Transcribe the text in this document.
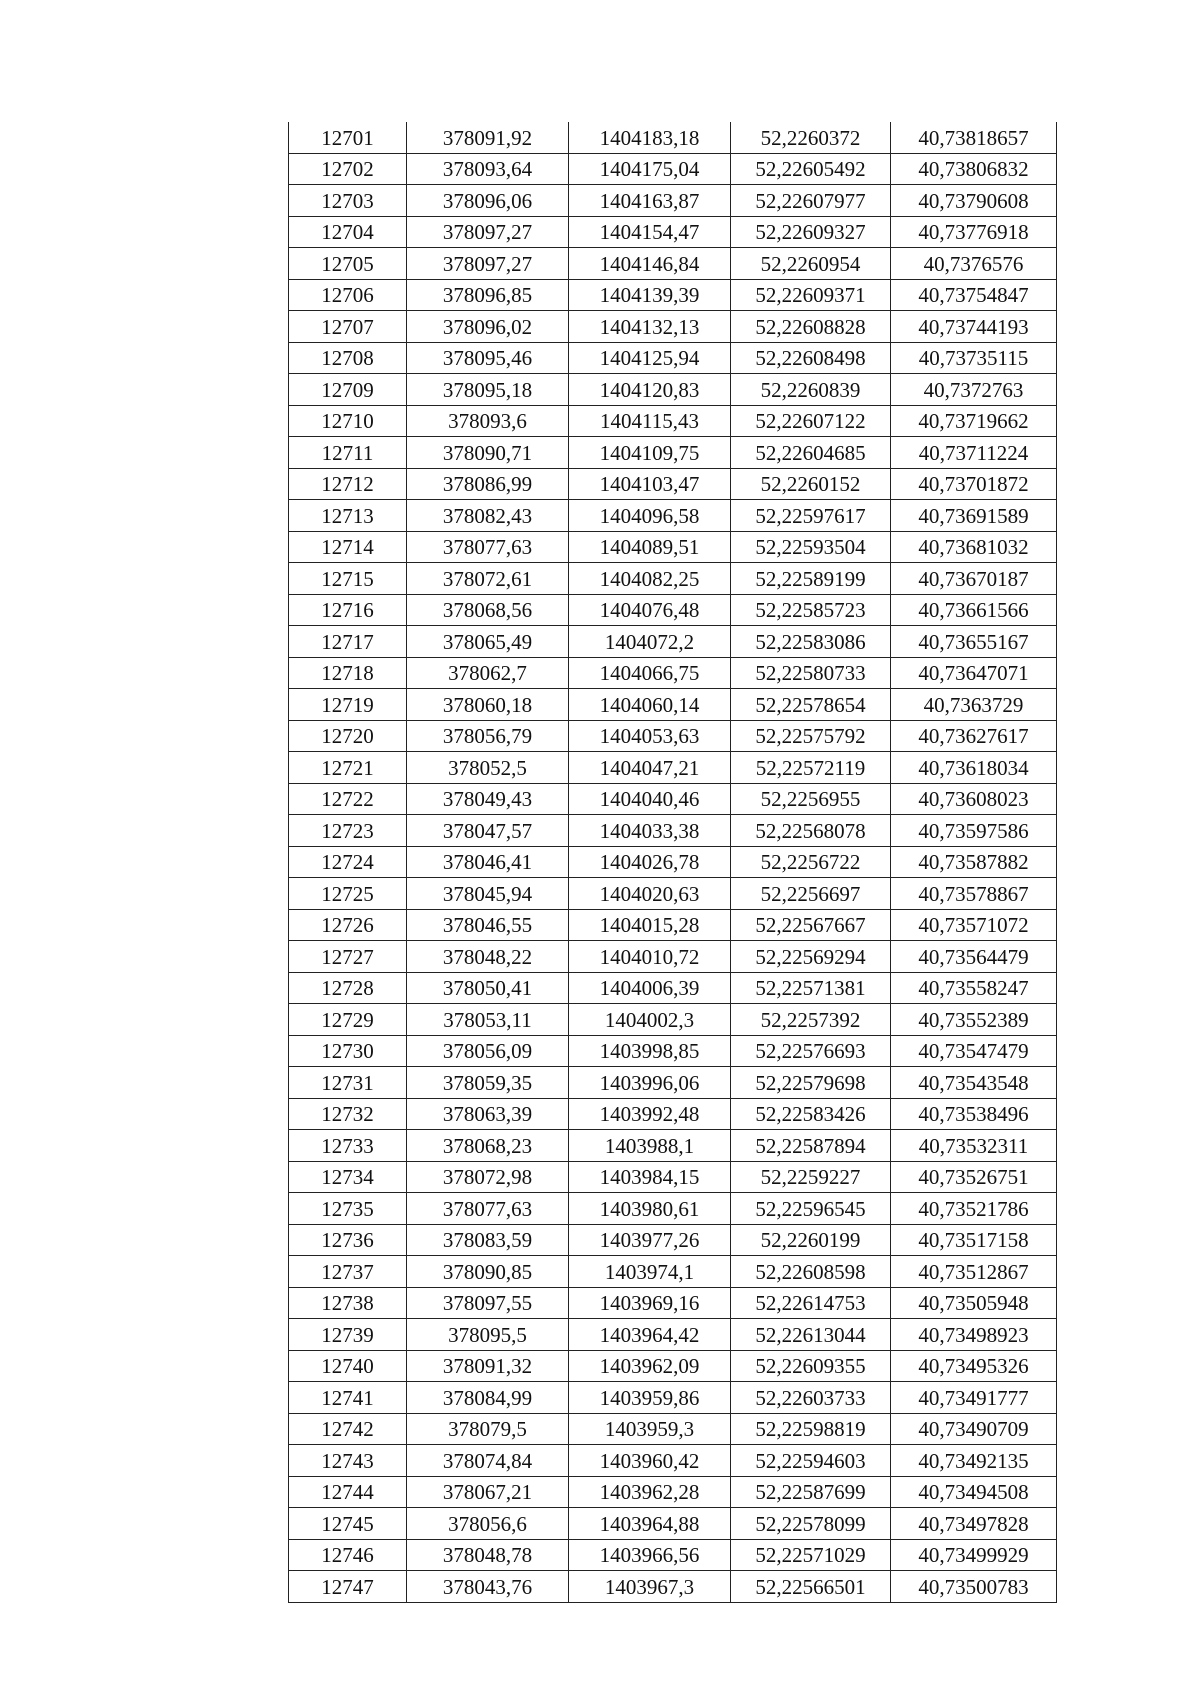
12701	378091,92	1404183,18	52,2260372	40,73818657
12702	378093,64	1404175,04	52,22605492	40,73806832
12703	378096,06	1404163,87	52,22607977	40,73790608
12704	378097,27	1404154,47	52,22609327	40,73776918
12705	378097,27	1404146,84	52,2260954	40,7376576
12706	378096,85	1404139,39	52,22609371	40,73754847
12707	378096,02	1404132,13	52,22608828	40,73744193
12708	378095,46	1404125,94	52,22608498	40,73735115
12709	378095,18	1404120,83	52,2260839	40,7372763
12710	378093,6	1404115,43	52,22607122	40,73719662
12711	378090,71	1404109,75	52,22604685	40,73711224
12712	378086,99	1404103,47	52,2260152	40,73701872
12713	378082,43	1404096,58	52,22597617	40,73691589
12714	378077,63	1404089,51	52,22593504	40,73681032
12715	378072,61	1404082,25	52,22589199	40,73670187
12716	378068,56	1404076,48	52,22585723	40,73661566
12717	378065,49	1404072,2	52,22583086	40,73655167
12718	378062,7	1404066,75	52,22580733	40,73647071
12719	378060,18	1404060,14	52,22578654	40,7363729
12720	378056,79	1404053,63	52,22575792	40,73627617
12721	378052,5	1404047,21	52,22572119	40,73618034
12722	378049,43	1404040,46	52,2256955	40,73608023
12723	378047,57	1404033,38	52,22568078	40,73597586
12724	378046,41	1404026,78	52,2256722	40,73587882
12725	378045,94	1404020,63	52,2256697	40,73578867
12726	378046,55	1404015,28	52,22567667	40,73571072
12727	378048,22	1404010,72	52,22569294	40,73564479
12728	378050,41	1404006,39	52,22571381	40,73558247
12729	378053,11	1404002,3	52,2257392	40,73552389
12730	378056,09	1403998,85	52,22576693	40,73547479
12731	378059,35	1403996,06	52,22579698	40,73543548
12732	378063,39	1403992,48	52,22583426	40,73538496
12733	378068,23	1403988,1	52,22587894	40,73532311
12734	378072,98	1403984,15	52,2259227	40,73526751
12735	378077,63	1403980,61	52,22596545	40,73521786
12736	378083,59	1403977,26	52,2260199	40,73517158
12737	378090,85	1403974,1	52,22608598	40,73512867
12738	378097,55	1403969,16	52,22614753	40,73505948
12739	378095,5	1403964,42	52,22613044	40,73498923
12740	378091,32	1403962,09	52,22609355	40,73495326
12741	378084,99	1403959,86	52,22603733	40,73491777
12742	378079,5	1403959,3	52,22598819	40,73490709
12743	378074,84	1403960,42	52,22594603	40,73492135
12744	378067,21	1403962,28	52,22587699	40,73494508
12745	378056,6	1403964,88	52,22578099	40,73497828
12746	378048,78	1403966,56	52,22571029	40,73499929
12747	378043,76	1403967,3	52,22566501	40,73500783
